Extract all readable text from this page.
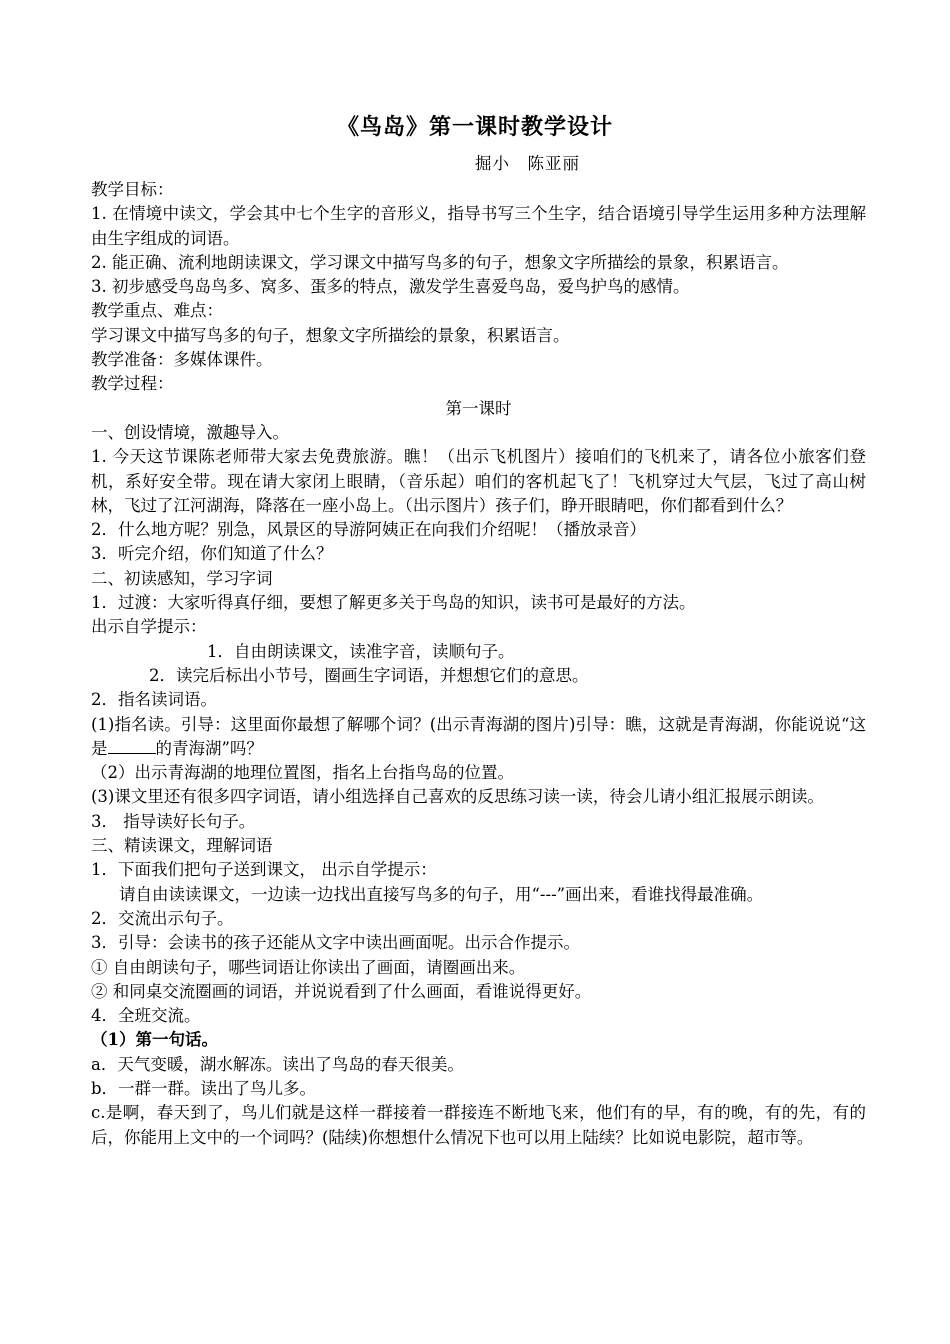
《鸟岛》第一课时教学设计
掘小　陈亚丽

教学目标：

1. 在情境中读文，学会其中七个生字的音形义，指导书写三个生字，结合语境引导学生运用多种方法理解由生字组成的词语。

2. 能正确、流利地朗读课文，学习课文中描写鸟多的句子，想象文字所描绘的景象，积累语言。

3. 初步感受鸟岛鸟多、窝多、蛋多的特点，激发学生喜爱鸟岛，爱鸟护鸟的感情。

教学重点、难点：

学习课文中描写鸟多的句子，想象文字所描绘的景象，积累语言。

教学准备：多媒体课件。

教学过程：

第一课时

一、创设情境，激趣导入。

1. 今天这节课陈老师带大家去免费旅游。瞧！（出示飞机图片）接咱们的飞机来了，请各位小旅客们登机，系好安全带。现在请大家闭上眼睛，（音乐起）咱们的客机起飞了！飞机穿过大气层，飞过了高山树林，飞过了江河湖海，降落在一座小岛上。（出示图片）孩子们，睁开眼睛吧，你们都看到什么？

2．什么地方呢？别急，风景区的导游阿姨正在向我们介绍呢！（播放录音）

3．听完介绍，你们知道了什么？

二、初读感知，学习字词

1．过渡：大家听得真仔细，要想了解更多关于鸟岛的知识，读书可是最好的方法。

出示自学提示：

1．自由朗读课文，读准字音，读顺句子。

2．读完后标出小节号，圈画生字词语，并想想它们的意思。

2．指名读词语。

(1)指名读。引导：这里面你最想了解哪个词？(出示青海湖的图片)引导：瞧，这就是青海湖，你能说说“这是	的青海湖”吗？

（2）出示青海湖的地理位置图，指名上台指鸟岛的位置。

(3)课文里还有很多四字词语，请小组选择自己喜欢的反思练习读一读，待会儿请小组汇报展示朗读。

3． 指导读好长句子。

三、精读课文，理解词语

1．下面我们把句子送到课文， 出示自学提示：

请自由读读课文，一边读一边找出直接写鸟多的句子，用“---”画出来，看谁找得最准确。

2．交流出示句子。

3．引导：会读书的孩子还能从文字中读出画面呢。出示合作提示。

① 自由朗读句子，哪些词语让你读出了画面，请圈画出来。

② 和同桌交流圈画的词语，并说说看到了什么画面，看谁说得更好。

4．全班交流。

（1）第一句话。

a．天气变暖，湖水解冻。读出了鸟岛的春天很美。

b．一群一群。读出了鸟儿多。

c.是啊，春天到了，鸟儿们就是这样一群接着一群接连不断地飞来，他们有的早，有的晚，有的先，有的后，你能用上文中的一个词吗？(陆续)你想想什么情况下也可以用上陆续？比如说电影院，超市等。
